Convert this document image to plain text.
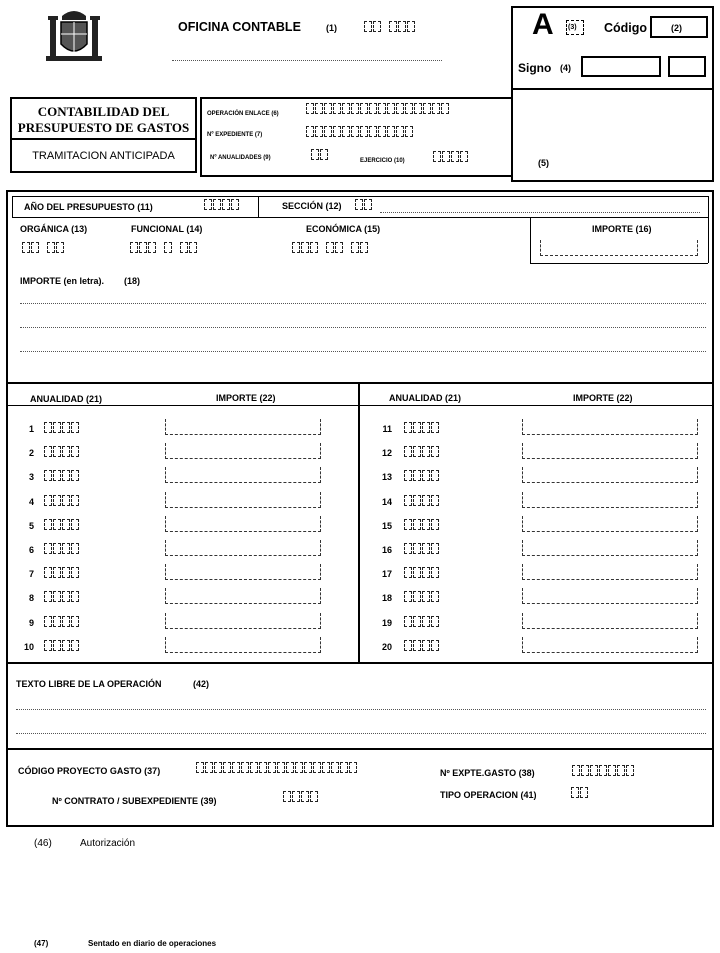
OFICINA CONTABLE	(1)	A (3) Código	(2)
Signo (4)
(5)
CONTABILIDAD DEL
PRESUPUESTO DE GASTOS
TRAMITACION ANTICIPADA
OPERACIÓN ENLACE (6)
Nº EXPEDIENTE (7)
Nº ANUALIDADES (9)	EJERCICIO (10)
AÑO DEL PRESUPUESTO (11)	SECCIÓN (12)
ORGÁNICA (13)	FUNCIONAL (14)	ECONÓMICA (15)	IMPORTE (16)
IMPORTE (en letra). (18)
ANUALIDAD (21)	IMPORTE (22)	ANUALIDAD (21)	IMPORTE (22)
1
2
3
4
5
6
7
8
9
10
11
12
13
14
15
16
17
18
19
20
TEXTO LIBRE DE LA OPERACIÓN	(42)
CÓDIGO PROYECTO GASTO (37)	Nº EXPTE.GASTO (38)
Nº CONTRATO / SUBEXPEDIENTE (39)
TIPO OPERACION (41)
(46)	Autorización
(47)	Sentado en diario de operaciones
